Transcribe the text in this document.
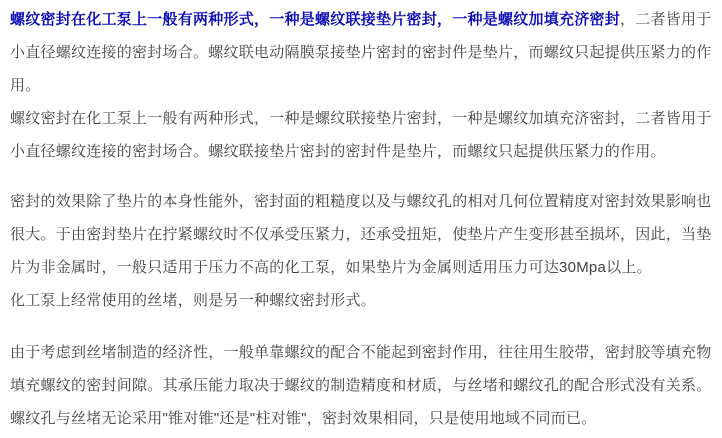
螺纹密封在化工泵上一般有两种形式，一种是螺纹联接垫片密封，一种是螺纹加填充济密封，二者皆用于小直径螺纹连接的密封场合。螺纹联电动隔膜泵接垫片密封的密封件是垫片，而螺纹只起提供压紧力的作用。

螺纹密封在化工泵上一般有两种形式，一种是螺纹联接垫片密封，一种是螺纹加填充济密封，二者皆用于小直径螺纹连接的密封场合。螺纹联接垫片密封的密封件是垫片，而螺纹只起提供压紧力的作用。

密封的效果除了垫片的本身性能外，密封面的粗糙度以及与螺纹孔的相对几何位置精度对密封效果影响也很大。于由密封垫片在拧紧螺纹时不仅承受压紧力，还承受扭矩，使垫片产生变形甚至损坏，因此，当垫片为非金属时，一般只适用于压力不高的化工泵，如果垫片为金属则适用压力可达30Mpa以上。

化工泵上经常使用的丝堵，则是另一种螺纹密封形式。

由于考虑到丝堵制造的经济性，一般单靠螺纹的配合不能起到密封作用，往往用生胶带，密封胶等填充物填充螺纹的密封间隙。其承压能力取决于螺纹的制造精度和材质，与丝堵和螺纹孔的配合形式没有关系。螺纹孔与丝堵无论采用"锥对锥"还是"柱对锥"，密封效果相同，只是使用地域不同而已。
